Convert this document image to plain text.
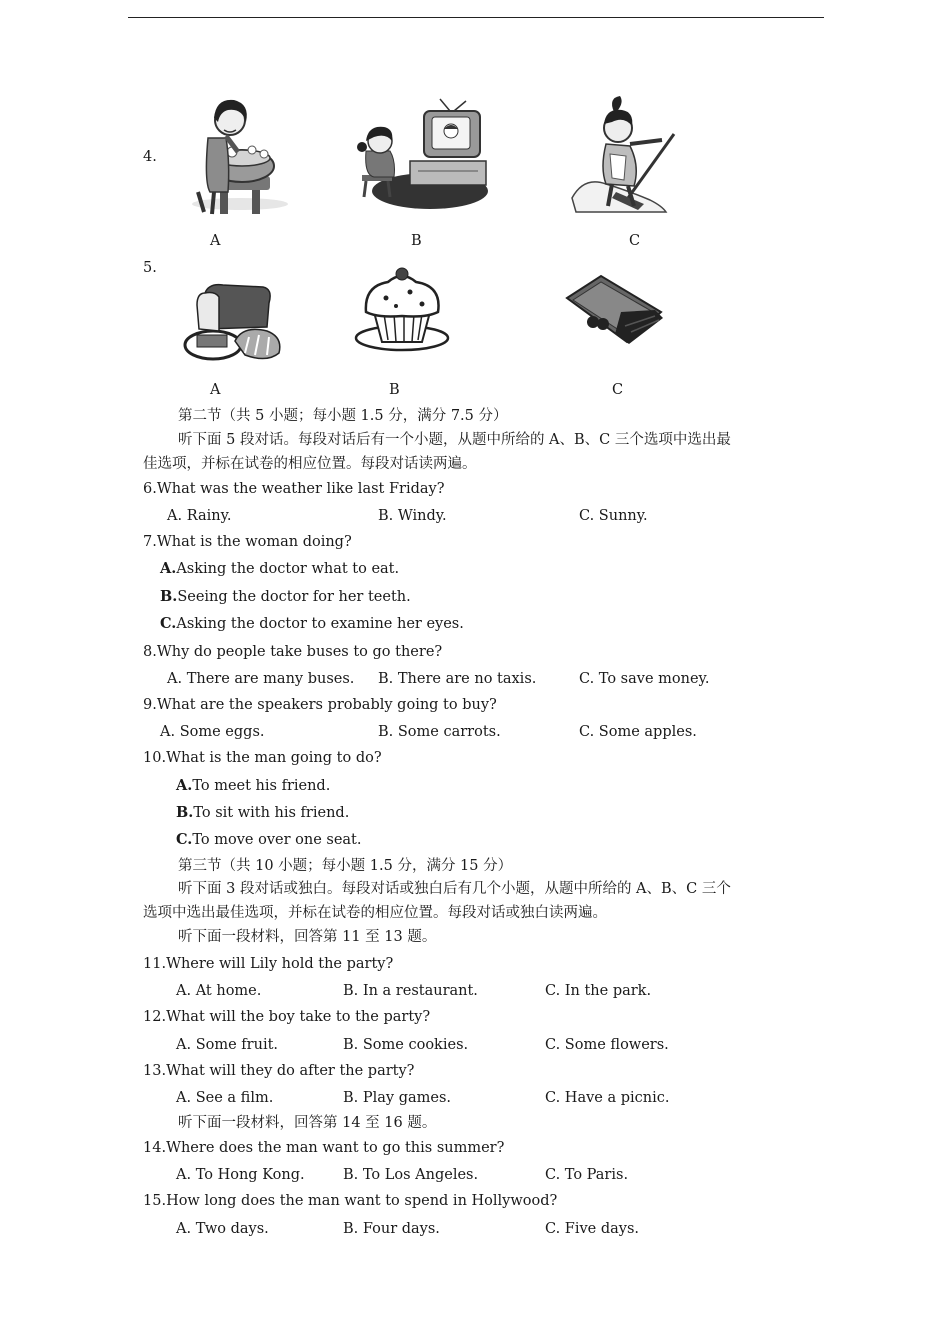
4.
A	B	C
5.
A	B	C
第二节（共 5 小题；每小题 1.5 分，满分 7.5 分）
听下面 5 段对话。每段对话后有一个小题，从题中所给的 A、B、C 三个选项中选出最
佳选项，并标在试卷的相应位置。每段对话读两遍。
6.What was the weather like last Friday?
A. Rainy.	B. Windy.	C. Sunny.
7.What is the woman doing?
A.Asking the doctor what to eat.
B.Seeing the doctor for her teeth.
C.Asking the doctor to examine her eyes.
8.Why do people take buses to go there?
A. There are many buses. B. There are no taxis.	C. To save money.
9.What are the speakers probably going to buy?
A. Some eggs.	B. Some carrots.	C. Some apples.
10.What is the man going to do?
A.To meet his friend.
B.To sit with his friend.
C.To move over one seat.
第三节（共 10 小题；每小题 1.5 分，满分 15 分）
听下面 3 段对话或独白。每段对话或独白后有几个小题，从题中所给的 A、B、C 三个
选项中选出最佳选项，并标在试卷的相应位置。每段对话或独白读两遍。
听下面一段材料，回答第 11 至 13 题。
11.Where will Lily hold the party?
A. At home.	B. In a restaurant.	C. In the park.
12.What will the boy take to the party?
A. Some fruit.	B. Some cookies.	C. Some flowers.
13.What will they do after the party?
A. See a film.	B. Play games.	C. Have a picnic.
听下面一段材料，回答第 14 至 16 题。
14.Where does the man want to go this summer?
A. To Hong Kong.	B. To Los Angeles.	C. To Paris.
15.How long does the man want to spend in Hollywood?
A. Two days.	B. Four days.	C. Five days.
